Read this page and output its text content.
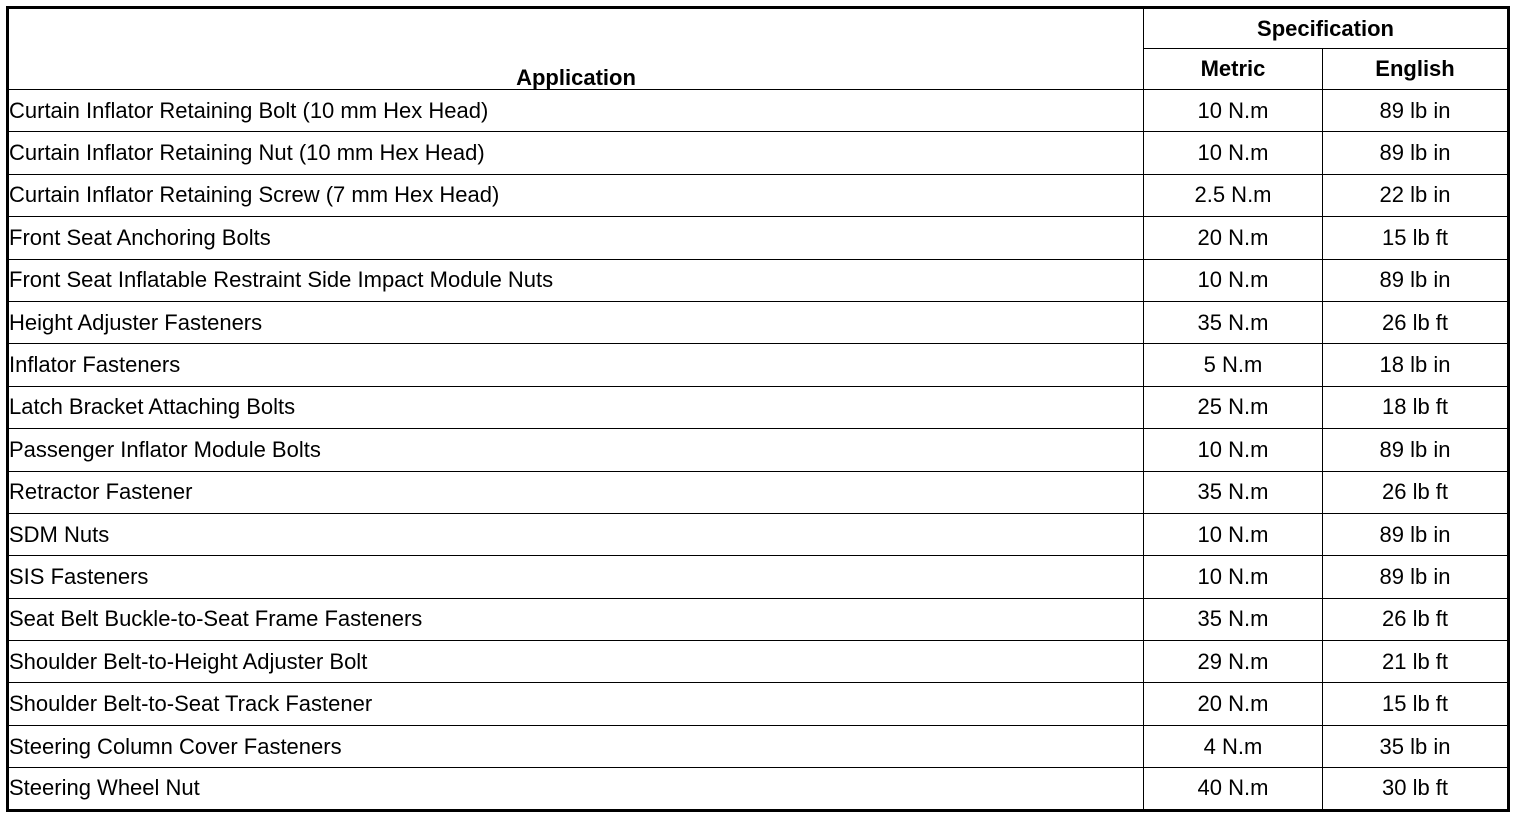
Application	Specification	
	Metric	English
Curtain Inflator Retaining Bolt (10 mm Hex Head)	10 N.m	89 lb in
Curtain Inflator Retaining Nut (10 mm Hex Head)	10 N.m	89 lb in
Curtain Inflator Retaining Screw (7 mm Hex Head)	2.5 N.m	22 lb in
Front Seat Anchoring Bolts	20 N.m	15 lb ft
Front Seat Inflatable Restraint Side Impact Module Nuts	10 N.m	89 lb in
Height Adjuster Fasteners	35 N.m	26 lb ft
Inflator Fasteners	5 N.m	18 lb in
Latch Bracket Attaching Bolts	25 N.m	18 lb ft
Passenger Inflator Module Bolts	10 N.m	89 lb in
Retractor Fastener	35 N.m	26 lb ft
SDM Nuts	10 N.m	89 lb in
SIS Fasteners	10 N.m	89 lb in
Seat Belt Buckle-to-Seat Frame Fasteners	35 N.m	26 lb ft
Shoulder Belt-to-Height Adjuster Bolt	29 N.m	21 lb ft
Shoulder Belt-to-Seat Track Fastener	20 N.m	15 lb ft
Steering Column Cover Fasteners	4 N.m	35 lb in
Steering Wheel Nut	40 N.m	30 lb ft
